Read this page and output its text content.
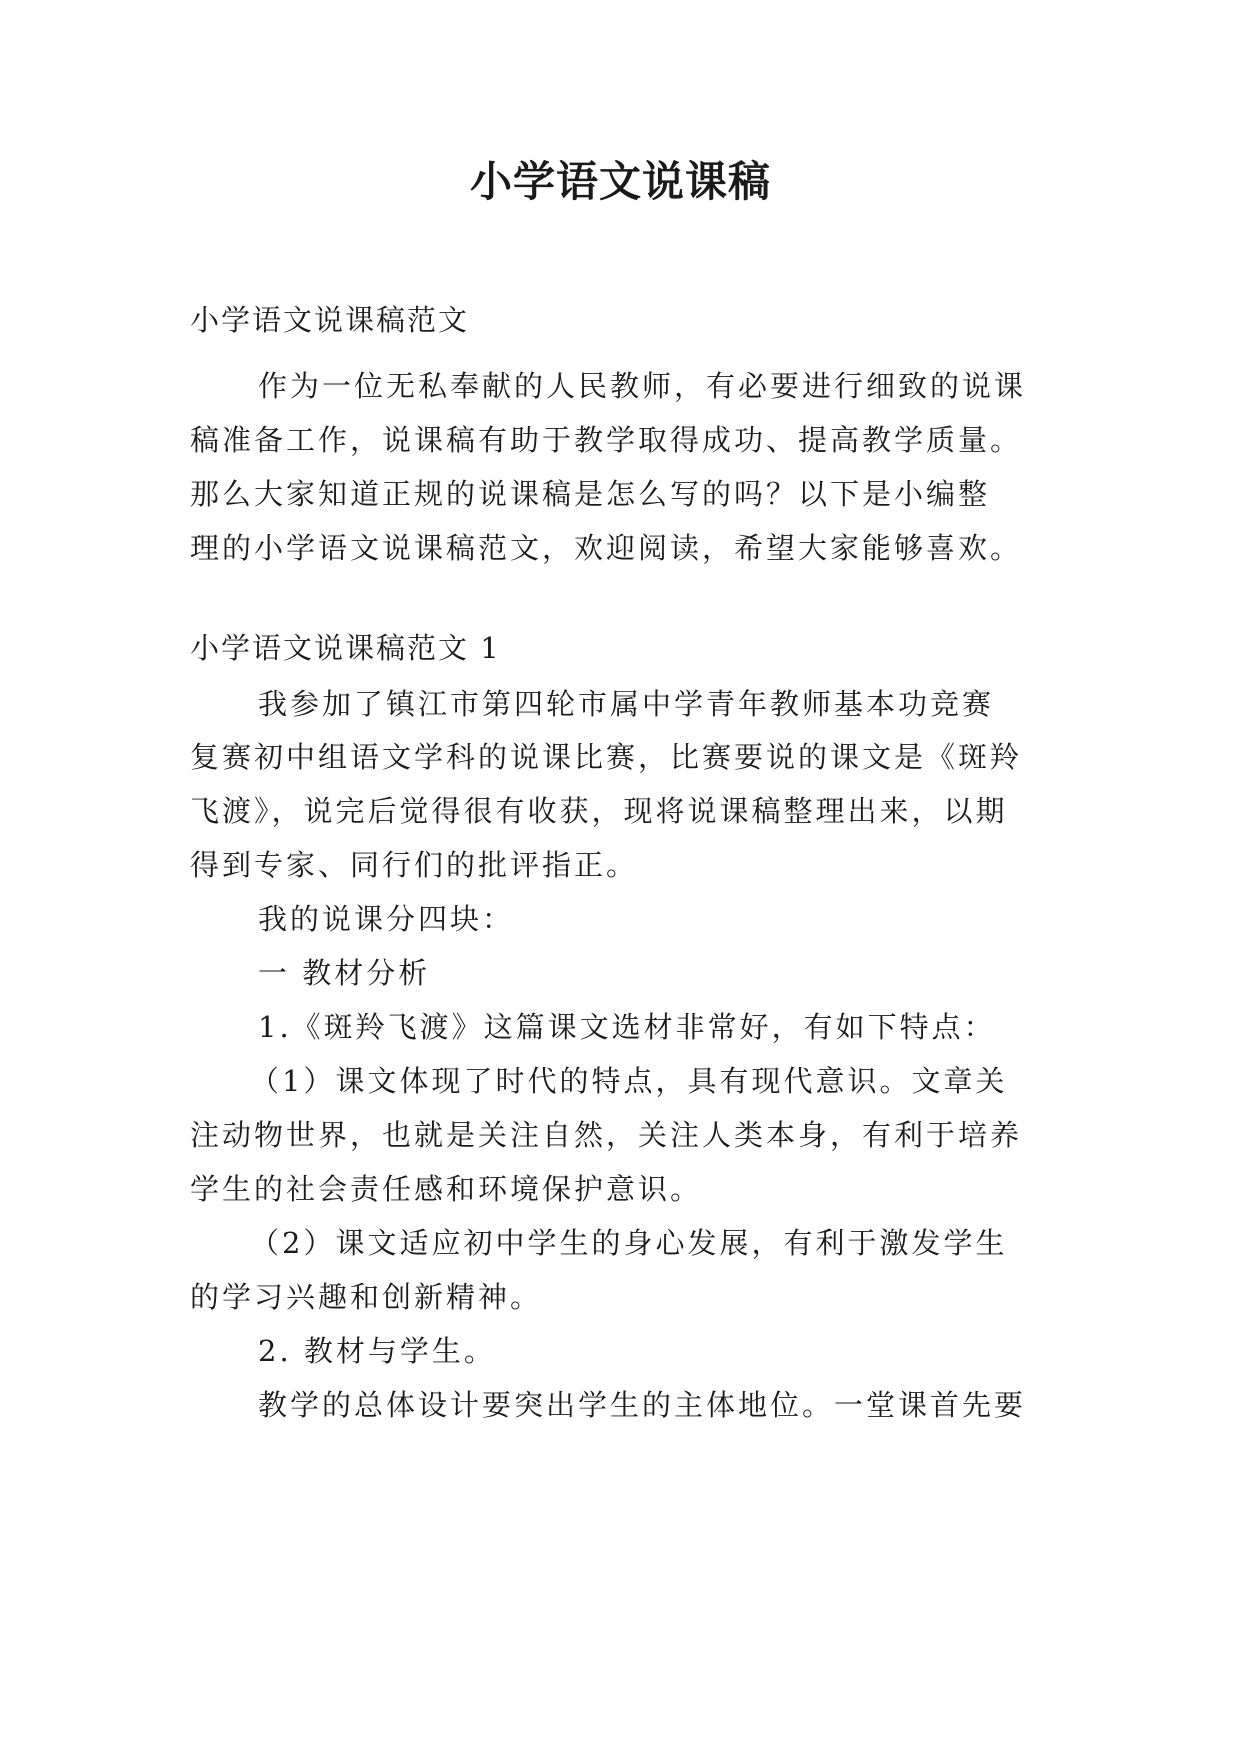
小学语文说课稿
小学语文说课稿范文
作为一位无私奉献的人民教师，有必要进行细致的说课
稿准备工作，说课稿有助于教学取得成功、提高教学质量。
那么大家知道正规的说课稿是怎么写的吗？以下是小编整
理的小学语文说课稿范文，欢迎阅读，希望大家能够喜欢。
小学语文说课稿范文 1
我参加了镇江市第四轮市属中学青年教师基本功竞赛
复赛初中组语文学科的说课比赛，比赛要说的课文是《斑羚
飞渡》，说完后觉得很有收获，现将说课稿整理出来，以期
得到专家、同行们的批评指正。
我的说课分四块：
一 教材分析
1.《斑羚飞渡》这篇课文选材非常好，有如下特点：
（1）课文体现了时代的特点，具有现代意识。文章关
注动物世界，也就是关注自然，关注人类本身，有利于培养
学生的社会责任感和环境保护意识。
（2）课文适应初中学生的身心发展，有利于激发学生
的学习兴趣和创新精神。
2. 教材与学生。
教学的总体设计要突出学生的主体地位。一堂课首先要
